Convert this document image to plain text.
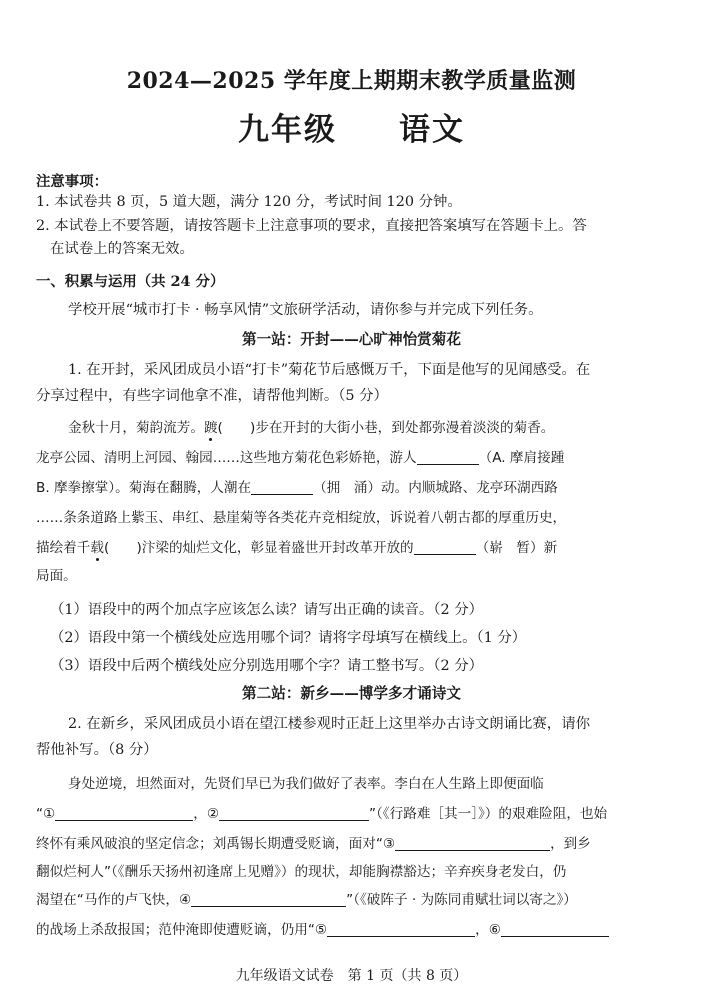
2024—2025 学年度上期期末教学质量监测
九年级 语文
注意事项：
1. 本试卷共 8 页，5 道大题，满分 120 分，考试时间 120 分钟。
2. 本试卷上不要答题，请按答题卡上注意事项的要求，直接把答案填写在答题卡上。答
在试卷上的答案无效。
一、积累与运用（共 24 分）
学校开展“城市打卡 · 畅享风情”文旅研学活动，请你参与并完成下列任务。
第一站：开封——心旷神怡赏菊花
1. 在开封，采风团成员小语“打卡”菊花节后感慨万千，下面是他写的见闻感受。在
分享过程中，有些字词他拿不准，请帮他判断。（5 分）
金秋十月，菊韵流芳。踱(　　)步在开封的大街小巷，到处都弥漫着淡淡的菊香。
龙亭公园、清明上河园、翰园……这些地方菊花色彩娇艳，游人	（A. 摩肩接踵
B. 摩拳擦掌）。菊海在翻腾，人潮在	（拥　涌）动。内顺城路、龙亭环湖西路
……条条道路上紫玉、串红、悬崖菊等各类花卉竞相绽放，诉说着八朝古都的厚重历史，
描绘着千载(　　)汴梁的灿烂文化，彰显着盛世开封改革开放的	（崭　暂）新
局面。
（1）语段中的两个加点字应该怎么读？请写出正确的读音。（2 分）
（2）语段中第一个横线处应选用哪个词？请将字母填写在横线上。（1 分）
（3）语段中后两个横线处应分别选用哪个字？请工整书写。（2 分）
第二站：新乡——博学多才诵诗文
2. 在新乡，采风团成员小语在望江楼参观时正赶上这里举办古诗文朗诵比赛，请你
帮他补写。（8 分）
身处逆境，坦然面对，先贤们早已为我们做好了表率。李白在人生路上即便面临
“①	，②	”（《行路难［其一］》）的艰难险阻，也始
终怀有乘风破浪的坚定信念；刘禹锡长期遭受贬谪，面对“③	，到乡
翻似烂柯人”（《酬乐天扬州初逢席上见赠》）的现状，却能胸襟豁达；辛弃疾身老发白，仍
渴望在“马作的卢飞快，④	”（《破阵子 · 为陈同甫赋壮词以寄之》）
的战场上杀敌报国；范仲淹即使遭贬谪，仍用“⑤	，⑥
九年级语文试卷　第 1 页（共 8 页）
